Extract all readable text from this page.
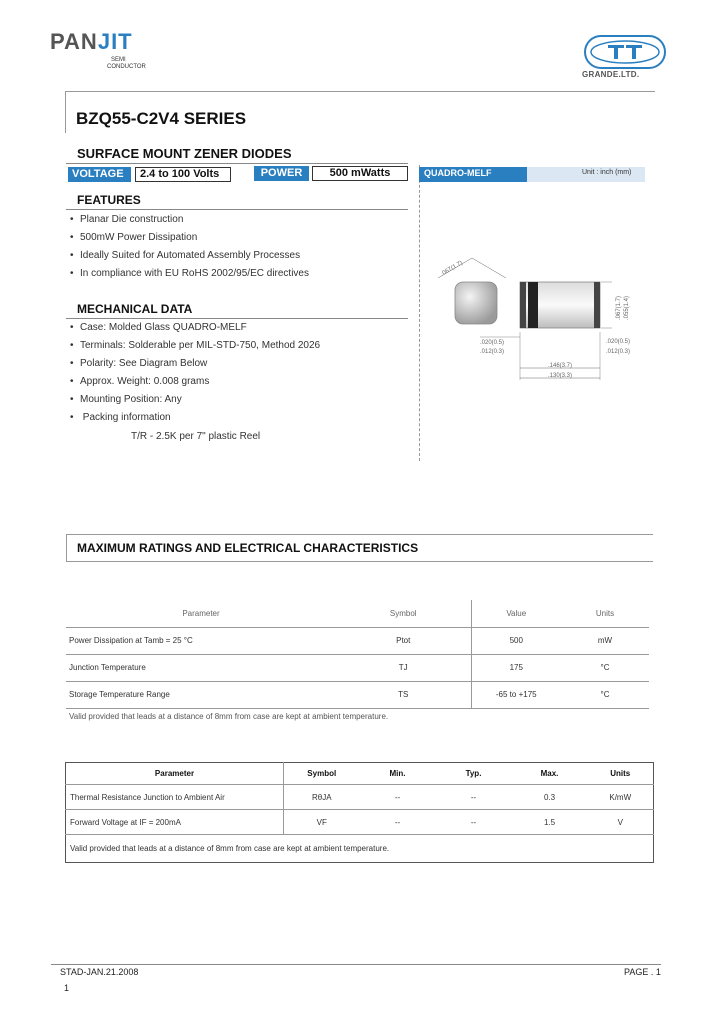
PANJIT
SEMI
CONDUCTOR
GRANDE.LTD.
BZQ55-C2V4 SERIES
SURFACE MOUNT ZENER DIODES
VOLTAGE	2.4 to 100 Volts	POWER	500 mWatts
FEATURES
• Planar Die construction
• 500mW Power Dissipation
• Ideally Suited for Automated Assembly Processes
• In compliance with EU RoHS 2002/95/EC directives
MECHANICAL DATA
• Case: Molded Glass QUADRO-MELF
• Terminals: Solderable per MIL-STD-750, Method 2026
• Polarity: See Diagram Below
• Approx. Weight: 0.008 grams
• Mounting Position: Any
• Packing information
T/R - 2.5K per 7" plastic Reel
QUADRO-MELF	Unit : inch (mm)
.067(1.7)
.146(3.7)
.130(3.3)
.067(1.7) .055(1.4)
.020(0.5)
.012(0.3)
.020(0.5)
.012(0.3)
MAXIMUM RATINGS AND ELECTRICAL CHARACTERISTICS
Parameter	Symbol	Value	Units
Power Dissipation at Tamb = 25 °C	Ptot	500	mW
Junction Temperature	TJ	175	°C
Storage Temperature Range	TS	-65 to +175	°C
Valid provided that leads at a distance of 8mm from case are kept at ambient temperature.
Parameter	Symbol	Min.	Typ.	Max.	Units
Thermal Resistance Junction to Ambient Air	RθJA	--	--	0.3	K/mW
Forward Voltage at IF = 200mA	VF	--	--	1.5	V
Valid provided that leads at a distance of 8mm from case are kept at ambient temperature.					
STAD-JAN.21.2008	PAGE . 1
1
